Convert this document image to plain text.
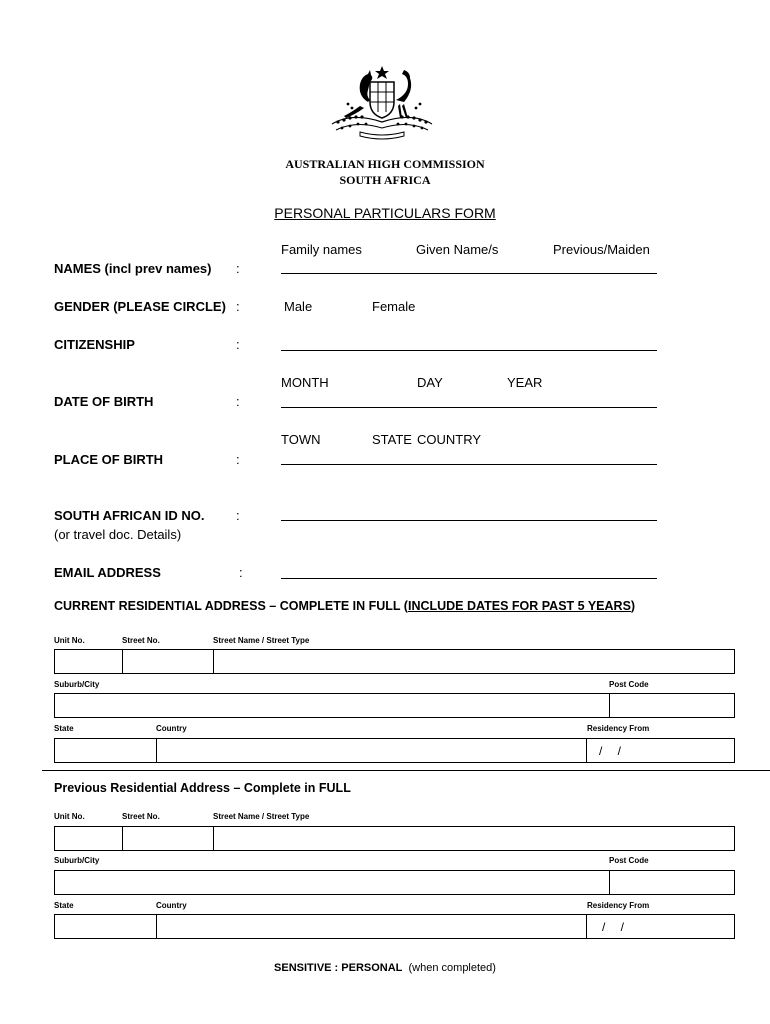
AUSTRALIAN HIGH COMMISSION
SOUTH AFRICA
PERSONAL PARTICULARS FORM
Family names	Given Name/s	Previous/Maiden
NAMES (incl prev names) :
GENDER (PLEASE CIRCLE) :	Male	Female
CITIZENSHIP	:
MONTH	DAY	YEAR
DATE OF BIRTH	:
TOWN	STATE COUNTRY
PLACE OF BIRTH	:
SOUTH AFRICAN ID NO.
(or travel doc. Details)
:
EMAIL ADDRESS	:
CURRENT RESIDENTIAL ADDRESS – COMPLETE IN FULL (INCLUDE DATES FOR PAST 5 YEARS)
Unit No.	Street No.	Street Name / Street Type
Suburb/City	Post Code
State	Country	Residency From
/ /
Previous Residential Address – Complete in FULL
Unit No.	Street No.	Street Name / Street Type
Suburb/City	Post Code
State	Country	Residency From
/ /
SENSITIVE : PERSONAL (when completed)
